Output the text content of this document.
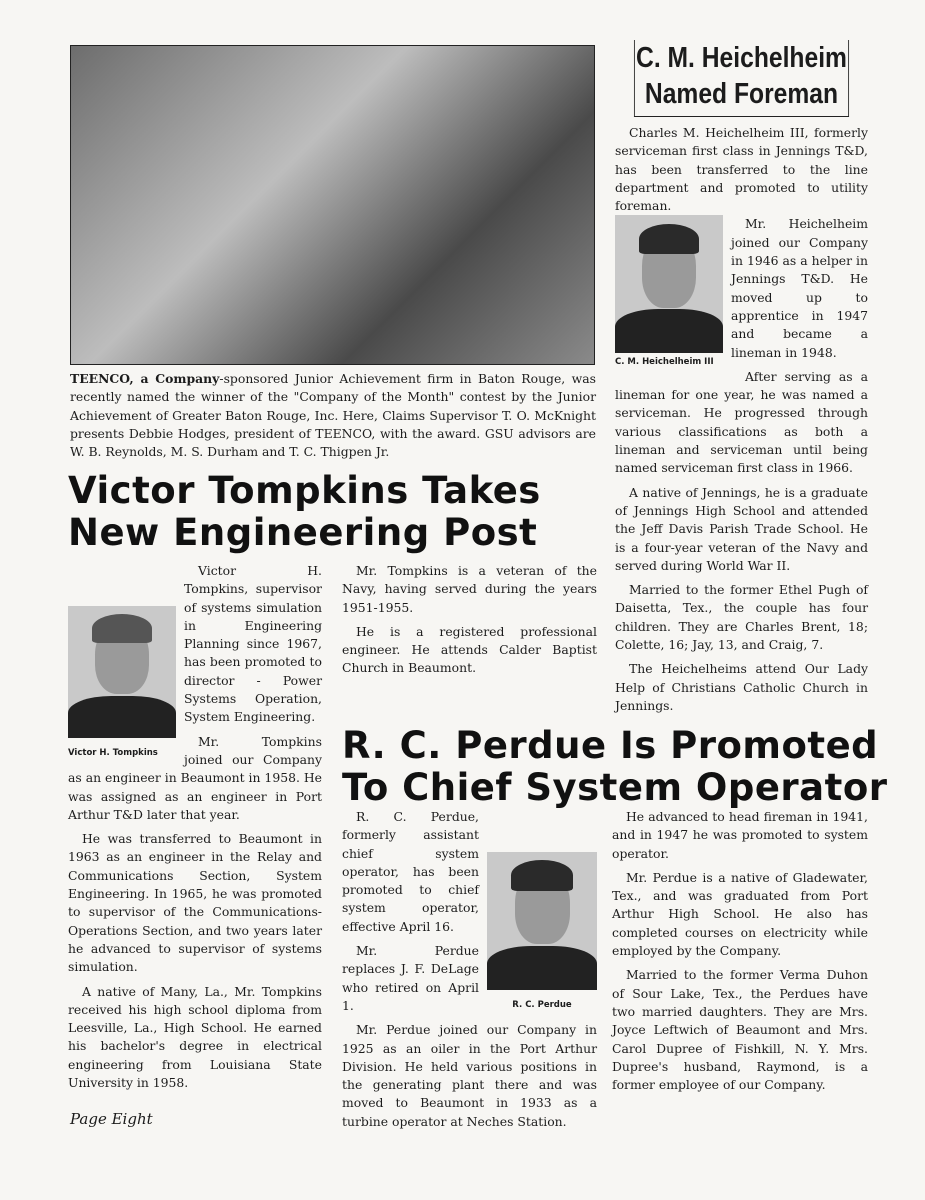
TEENCO, a Company-sponsored Junior Achievement firm in Baton Rouge, was recently named the winner of the "Company of the Month" contest by the Junior Achievement of Greater Baton Rouge, Inc. Here, Claims Supervisor T. O. McKnight presents Debbie Hodges, president of TEENCO, with the award. GSU advisors are W. B. Reynolds, M. S. Durham and T. C. Thigpen Jr.
C. M. Heichelheim
Named Foreman

Charles M. Heichelheim III, formerly serviceman first class in Jennings T&D, has been transferred to the line department and promoted to utility foreman.

C. M. Heichelheim III

Mr. Heichelheim joined our Company in 1946 as a helper in Jennings T&D. He moved up to apprentice in 1947 and became a lineman in 1948.

After serving as a lineman for one year, he was named a serviceman. He progressed through various classifications as both a lineman and serviceman until being named serviceman first class in 1966.

A native of Jennings, he is a graduate of Jennings High School and attended the Jeff Davis Parish Trade School. He is a four-year veteran of the Navy and served during World War II.

Married to the former Ethel Pugh of Daisetta, Tex., the couple has four children. They are Charles Brent, 18; Colette, 16; Jay, 13, and Craig, 7.

The Heichelheims attend Our Lady Help of Christians Catholic Church in Jennings.

Victor Tompkins Takes
New Engineering Post
Victor H. Tompkins

Victor H. Tompkins, supervisor of systems simulation in Engineering Planning since 1967, has been promoted to director - Power Systems Operation, System Engineering.

Mr. Tompkins joined our Company as an engineer in Beaumont in 1958. He was assigned as an engineer in Port Arthur T&D later that year.

He was transferred to Beaumont in 1963 as an engineer in the Relay and Communications Section, System Engineering. In 1965, he was promoted to supervisor of the Communications-Operations Section, and two years later he advanced to supervisor of systems simulation.

A native of Many, La., Mr. Tompkins received his high school diploma from Leesville, La., High School. He earned his bachelor's degree in electrical engineering from Louisiana State University in 1958.

Mr. Tompkins is a veteran of the Navy, having served during the years 1951-1955.

He is a registered professional engineer. He attends Calder Baptist Church in Beaumont.

R. C. Perdue Is Promoted
To Chief System Operator
R. C. Perdue

R. C. Perdue, formerly assistant chief system operator, has been promoted to chief system operator, effective April 16.

Mr. Perdue replaces J. F. DeLage who retired on April 1.

Mr. Perdue joined our Company in 1925 as an oiler in the Port Arthur Division. He held various positions in the generating plant there and was moved to Beaumont in 1933 as a turbine operator at Neches Station.

He advanced to head fireman in 1941, and in 1947 he was promoted to system operator.

Mr. Perdue is a native of Gladewater, Tex., and was graduated from Port Arthur High School. He also has completed courses on electricity while employed by the Company.

Married to the former Verma Duhon of Sour Lake, Tex., the Perdues have two married daughters. They are Mrs. Joyce Leftwich of Beaumont and Mrs. Carol Dupree of Fishkill, N. Y. Mrs. Dupree's husband, Raymond, is a former employee of our Company.

Page Eight
